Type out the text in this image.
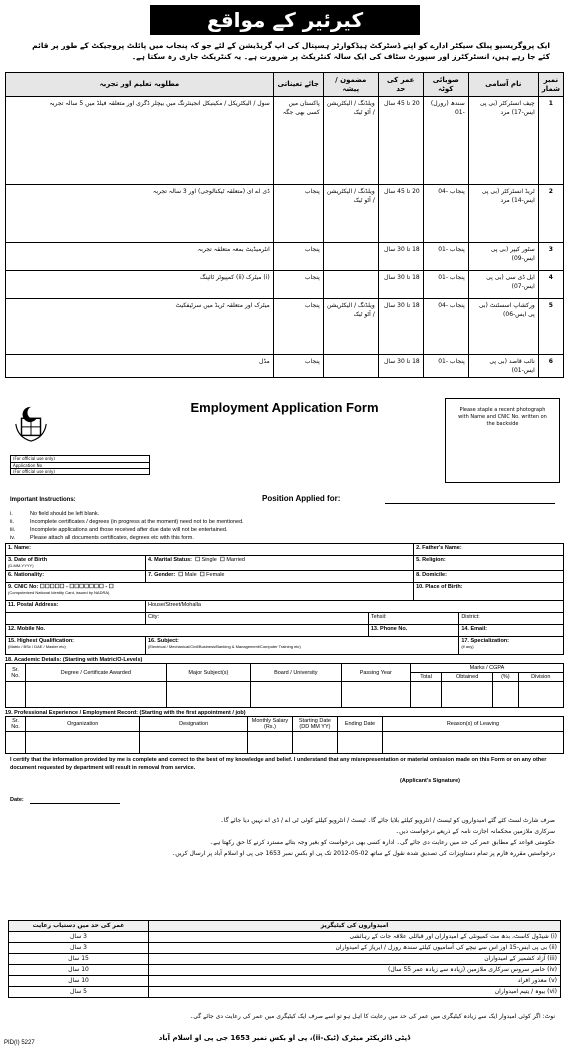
کیرئیر کے مواقع
ایک پروگریسیو پبلک سیکٹر ادارے کو اپنے ڈسٹرکٹ ہیڈکوارٹر ہسپتال کی اپ گریڈیشن کے لئے جو کہ پنجاب میں پائلٹ پروجیکٹ کے طور پر قائم کئے جا رہے ہیں، انسٹرکٹرز اور سپورٹ سٹاف کی ایک سالہ کنٹریکٹ پر ضرورت ہے۔ یہ کنٹریکٹ جاری رہ سکتا ہے۔
نمبر شمار	نام آسامی	صوبائی کوٹہ	عمر کی حد	مضمون / پیشہ	جائے تعیناتی	مطلوبہ تعلیم اور تجربہ
1	چیف انسٹرکٹر (بی پی ایس-17) مرد	سندھ (رورل) -01	20 تا 45 سال	ویلڈنگ / الیکٹریشن / آٹو ٹیک	پاکستان میں کسی بھی جگہ	سول / الیکٹریکل / مکینیکل انجینئرنگ میں بیچلر ڈگری اور متعلقہ فیلڈ میں 5 سالہ تجربہ
2	ٹریڈ انسٹرکٹر (بی پی ایس-14) مرد	پنجاب -04	20 تا 45 سال	ویلڈنگ / الیکٹریشن / آٹو ٹیک	پنجاب	ڈی اے ای (متعلقہ ٹیکنالوجی) اور 3 سالہ تجربہ
3	سٹور کیپر (بی پی ایس-09)	پنجاب -01	18 تا 30 سال		پنجاب	انٹرمیڈیٹ بمعہ متعلقہ تجربہ
4	ایل ڈی سی (بی پی ایس-07)	پنجاب -01	18 تا 30 سال		پنجاب	(i) میٹرک (ii) کمپیوٹر ٹائپنگ
5	ورکشاپ اسسٹنٹ (بی پی ایس-06)	پنجاب -04	18 تا 30 سال	ویلڈنگ / الیکٹریشن / آٹو ٹیک	پنجاب	میٹرک اور متعلقہ ٹریڈ میں سرٹیفکیٹ
6	نائب قاصد (بی پی ایس-01)	پنجاب -01	18 تا 30 سال		پنجاب	مڈل
Employment Application Form	Please staple a recent photograph with Name and CNIC No. written on the backside
(For official use only)
Application No
(For official use only)
Important Instructions:	Position Applied for:
i.	No field should be left blank.
ii.	Incomplete certificates / degrees (in progress at the moment) need not to be mentioned.
iii.	Incomplete applications and those received after due date will not be entertained.
iv.	Please attach all documents certificates, degrees etc with this form.
1. Name:			2. Father's Name:	
3. Date of Birth
(D-MM-YYYY)	4. Marital Status:  ☐ Single  ☐ Married		5. Religion:	
6. Nationality:	7. Gender:  ☐ Male  ☐ Female		8. Domicile:	
9. CNIC No: ☐☐☐☐☐ - ☐☐☐☐☐☐☐ - ☐
(Computerized National Identity Card, issued by NADRA)			10. Place of Birth:	
11. Postal Address:	House/Street/Mohalla			
	City:	Tehsil:		District:
12. Mobile No.		13. Phone No.		14. Email:
15. Highest Qualification:
(Matric / BSc / DAE / Master etc)	16. Subject:
(Electrical / Mechanical/Civil/Business/Banking & Management/Computer Training etc)			17. Specialization:
(if any)
18. Academic Details: (Starting with Matric/O-Levels)
Sr. No.	Degree / Certificate Awarded	Major Subject(s)	Board / University	Passing Year	Marks / CGPA			
					Total	Obtained	(%)	Division

19. Professional Experience / Employment Record: (Starting with the first appointment / job)
Sr. No.	Organization	Designation	Monthly Salary (Rs.)	Starting Date (DD MM YY)	Ending Date	Reason(s) of Leaving

I certify that the information provided by me is complete and correct to the best of my knowledge and belief. I understand that any misrepresentation or material omission made on this Form or on any other document requested by department will result in removal from service.
(Applicant's Signature)
Date:
صرف شارٹ لسٹ کئے گئے امیدواروں کو ٹیسٹ / انٹرویو کیلئے بلایا جائے گا۔ ٹیسٹ / انٹرویو کیلئے کوئی ٹی اے / ڈی اے نہیں دیا جائے گا۔
سرکاری ملازمین محکمانہ اجازت نامہ کے ذریعے درخواست دیں۔
حکومتی قواعد کے مطابق عمر کی حد میں رعایت دی جائے گی۔ ادارہ کسی بھی درخواست کو بغیر وجہ بتائے مسترد کرنے کا حق رکھتا ہے۔
درخواستیں مقررہ فارم پر تمام دستاویزات کی تصدیق شدہ نقول کے ساتھ 02-05-2012 تک پی او بکس نمبر 1653 جی پی او اسلام آباد پر ارسال کریں۔
امیدواروں کی کیٹیگریز	عمر کی حد میں دستیاب رعایت
(i) شیڈول کاسٹ، بدھ مت کمیونٹی کے امیدواران اور قبائلی علاقہ جات کے رہائشی	3 سال
(ii) بی پی ایس-15 اور اس سے نیچے کی آسامیوں کیلئے سندھ رورل / ایریاز کے امیدواران	3 سال
(iii) آزاد کشمیر کے امیدواران	15 سال
(iv) حاضر سروس سرکاری ملازمین (زیادہ سے زیادہ عمر 55 سال)	10 سال
(v) معذور افراد	10 سال
(vi) بیوہ / یتیم امیدواران	5 سال
نوٹ: اگر کوئی امیدوار ایک سے زیادہ کیٹیگری میں عمر کی حد میں رعایت کا اہل ہو تو اسے صرف ایک کیٹیگری میں عمر کی رعایت دی جائے گی۔
ڈپٹی ڈائریکٹر میٹرک (ٹیک-ii)، پی او بکس نمبر 1653 جی پی او اسلام آباد
PID(I) 5227
